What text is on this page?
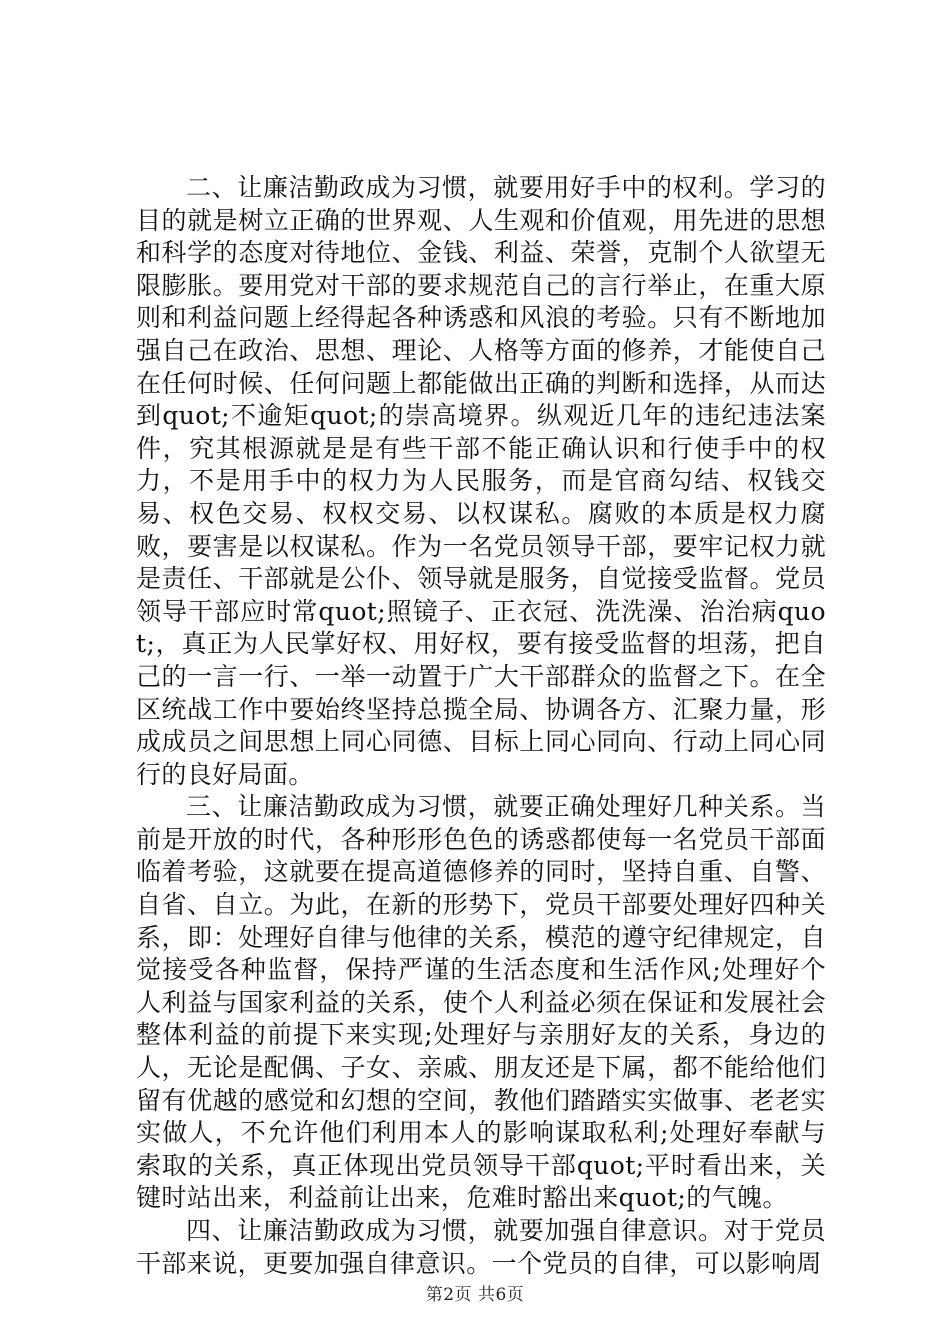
二、让廉洁勤政成为习惯，就要用好手中的权利。学习的目的就是树立正确的世界观、人生观和价值观，用先进的思想和科学的态度对待地位、金钱、利益、荣誉，克制个人欲望无限膨胀。要用党对干部的要求规范自己的言行举止，在重大原则和利益问题上经得起各种诱惑和风浪的考验。只有不断地加强自己在政治、思想、理论、人格等方面的修养，才能使自己在任何时候、任何问题上都能做出正确的判断和选择，从而达到quot;不逾矩quot;的崇高境界。纵观近几年的违纪违法案件，究其根源就是是有些干部不能正确认识和行使手中的权力，不是用手中的权力为人民服务，而是官商勾结、权钱交易、权色交易、权权交易、以权谋私。腐败的本质是权力腐败，要害是以权谋私。作为一名党员领导干部，要牢记权力就是责任、干部就是公仆、领导就是服务，自觉接受监督。党员领导干部应时常quot;照镜子、正衣冠、洗洗澡、治治病quot;，真正为人民掌好权、用好权，要有接受监督的坦荡，把自己的一言一行、一举一动置于广大干部群众的监督之下。在全区统战工作中要始终坚持总揽全局、协调各方、汇聚力量，形成成员之间思想上同心同德、目标上同心同向、行动上同心同行的良好局面。

三、让廉洁勤政成为习惯，就要正确处理好几种关系。当前是开放的时代，各种形形色色的诱惑都使每一名党员干部面临着考验，这就要在提高道德修养的同时，坚持自重、自警、自省、自立。为此，在新的形势下，党员干部要处理好四种关系，即：处理好自律与他律的关系，模范的遵守纪律规定，自觉接受各种监督，保持严谨的生活态度和生活作风;处理好个人利益与国家利益的关系，使个人利益必须在保证和发展社会整体利益的前提下来实现;处理好与亲朋好友的关系，身边的人，无论是配偶、子女、亲戚、朋友还是下属，都不能给他们留有优越的感觉和幻想的空间，教他们踏踏实实做事、老老实实做人，不允许他们利用本人的影响谋取私利;处理好奉献与索取的关系，真正体现出党员领导干部quot;平时看出来，关键时站出来，利益前让出来，危难时豁出来quot;的气魄。

四、让廉洁勤政成为习惯，就要加强自律意识。对于党员干部来说，更要加强自律意识。一个党员的自律，可以影响周

第2页 共6页
